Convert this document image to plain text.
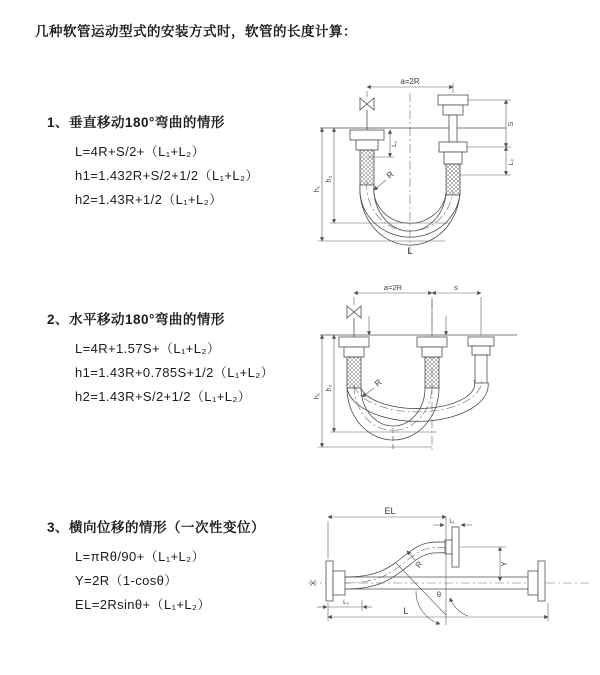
几种软管运动型式的安装方式时，软管的长度计算：
1、垂直移动180°弯曲的情形
L=4R+S/2+（L₁+L₂）
h1=1.432R+S/2+1/2（L₁+L₂）
h2=1.43R+1/2（L₁+L₂）
a=2R
h₁
h₂
L₁
S
L₂
R
L
2、水平移动180°弯曲的情形
L=4R+1.57S+（L₁+L₂）
h1=1.43R+0.785S+1/2（L₁+L₂）
h2=1.43R+S/2+1/2（L₁+L₂）
a=2R	s
h₁
h₂	R
3、横向位移的情形（一次性变位）
L=πRθ/90+（L₁+L₂）
Y=2R（1-cosθ）
EL=2Rsinθ+（L₁+L₂）
EL
L₁
Y
θ
R
L
L₂
